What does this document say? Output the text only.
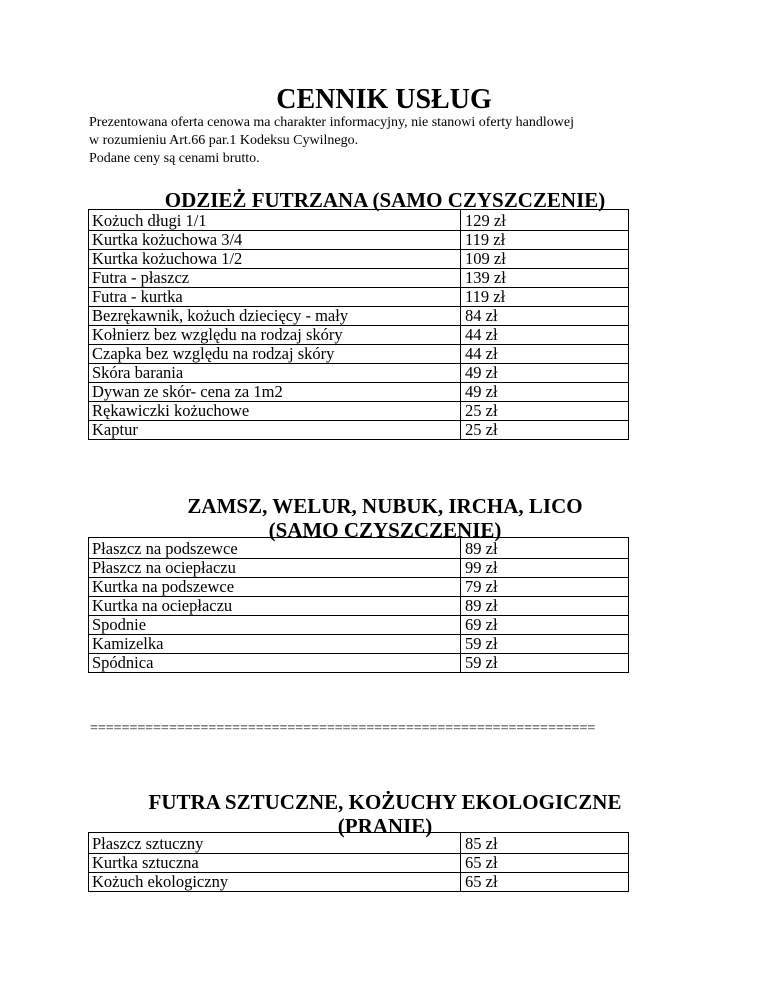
CENNIK USŁUG
Prezentowana oferta cenowa ma charakter informacyjny, nie stanowi oferty handlowej
w rozumieniu Art.66 par.1 Kodeksu Cywilnego.
Podane ceny są cenami brutto.
ODZIEŻ FUTRZANA (SAMO CZYSZCZENIE)
Kożuch długi 1/1	129 zł
Kurtka kożuchowa 3/4	119 zł
Kurtka kożuchowa 1/2	109 zł
Futra - płaszcz	139 zł
Futra - kurtka	119 zł
Bezrękawnik, kożuch dziecięcy - mały	84 zł
Kołnierz bez względu na rodzaj skóry	44 zł
Czapka bez względu na rodzaj skóry	44 zł
Skóra barania	49 zł
Dywan ze skór- cena za 1m2	49 zł
Rękawiczki kożuchowe	25 zł
Kaptur	25 zł
ZAMSZ, WELUR, NUBUK, IRCHA, LICO
(SAMO CZYSZCZENIE)
Płaszcz na podszewce	89 zł
Płaszcz na ociepłaczu	99 zł
Kurtka na podszewce	79 zł
Kurtka na ociepłaczu	89 zł
Spodnie	69 zł
Kamizelka	59 zł
Spódnica	59 zł
================================================================
FUTRA SZTUCZNE, KOŻUCHY EKOLOGICZNE
(PRANIE)
Płaszcz sztuczny	85 zł
Kurtka sztuczna	65 zł
Kożuch ekologiczny	65 zł
